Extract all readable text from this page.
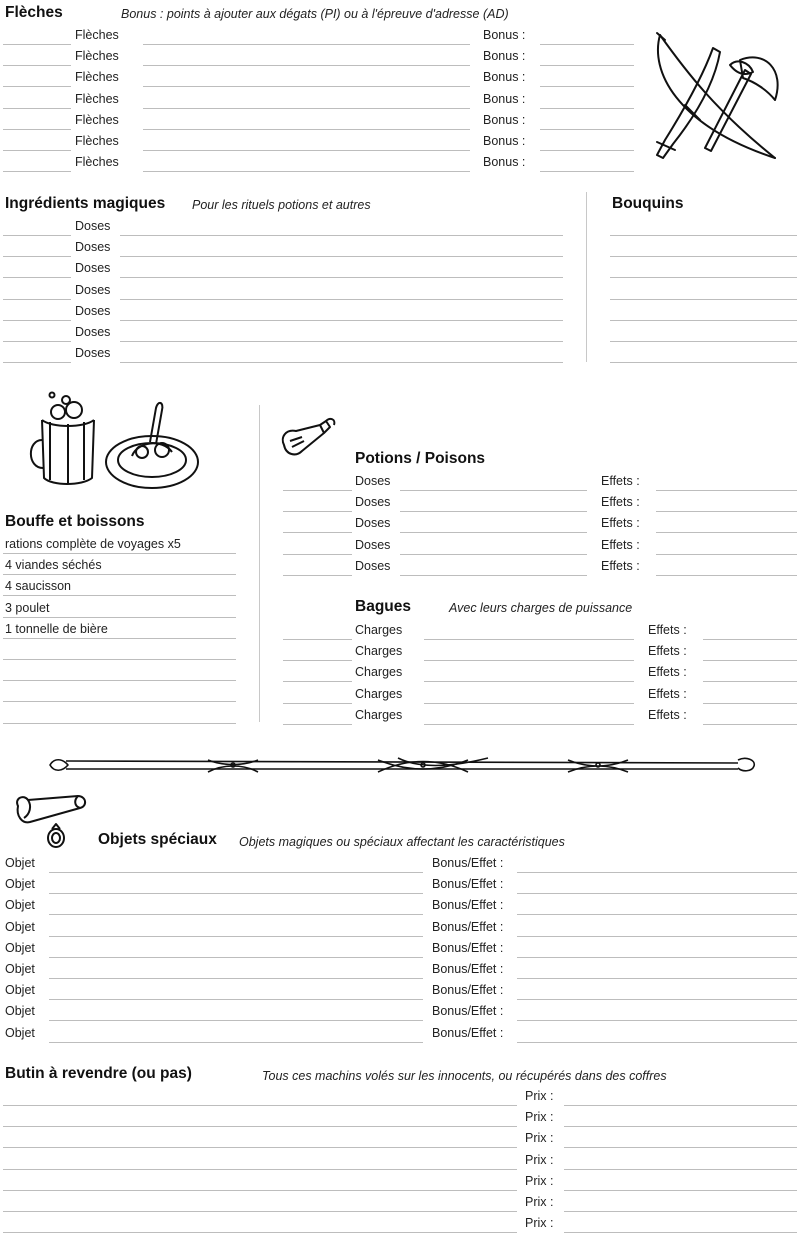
Flèches	Bonus : points à ajouter aux dégats (PI) ou à l'épreuve d'adresse (AD)
Flèches	Bonus :
Flèches	Bonus :
Flèches	Bonus :
Flèches	Bonus :
Flèches	Bonus :
Flèches	Bonus :
Flèches	Bonus :
Ingrédients magiques Pour les rituels potions et autres
Doses
Doses
Doses
Doses
Doses
Doses
Doses
Bouquins
Bouffe et boissons
rations complète de voyages x5
4 viandes séchés
4 saucisson
3 poulet
1 tonnelle de bière
Potions / Poisons
Doses	Effets :
Doses	Effets :
Doses	Effets :
Doses	Effets :
Doses	Effets :
Bagues	Avec leurs charges de puissance
Charges	Effets :
Charges	Effets :
Charges	Effets :
Charges	Effets :
Charges	Effets :
Objets spéciaux Objets magiques ou spéciaux affectant les caractéristiques
Objet	Bonus/Effet :
Objet	Bonus/Effet :
Objet	Bonus/Effet :
Objet	Bonus/Effet :
Objet	Bonus/Effet :
Objet	Bonus/Effet :
Objet	Bonus/Effet :
Objet	Bonus/Effet :
Objet	Bonus/Effet :
Butin à revendre (ou pas)	Tous ces machins volés sur les innocents, ou récupérés dans des coffres
Prix :
Prix :
Prix :
Prix :
Prix :
Prix :
Prix :
